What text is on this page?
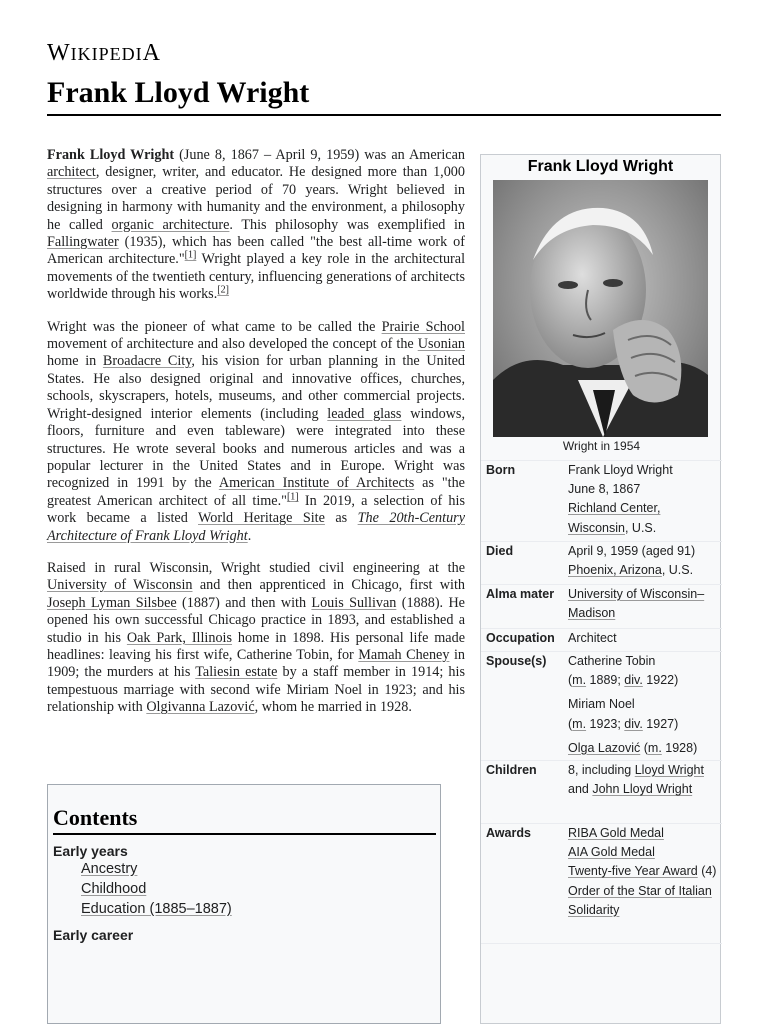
WIKIPEDIA
Frank Lloyd Wright

Frank Lloyd Wright (June 8, 1867 – April 9, 1959) was an American architect, designer, writer, and educator. He designed more than 1,000 structures over a creative period of 70 years. Wright believed in designing in harmony with humanity and the environment, a philosophy he called organic architecture. This philosophy was exemplified in Fallingwater (1935), which has been called "the best all-time work of American architecture."[1] Wright played a key role in the architectural movements of the twentieth century, influencing generations of architects worldwide through his works.[2]

Wright was the pioneer of what came to be called the Prairie School movement of architecture and also developed the concept of the Usonian home in Broadacre City, his vision for urban planning in the United States. He also designed original and innovative offices, churches, schools, skyscrapers, hotels, museums, and other commercial projects. Wright-designed interior elements (including leaded glass windows, floors, furniture and even tableware) were integrated into these structures. He wrote several books and numerous articles and was a popular lecturer in the United States and in Europe. Wright was recognized in 1991 by the American Institute of Architects as "the greatest American architect of all time."[1] In 2019, a selection of his work became a listed World Heritage Site as The 20th-Century Architecture of Frank Lloyd Wright.

Raised in rural Wisconsin, Wright studied civil engineering at the University of Wisconsin and then apprenticed in Chicago, first with Joseph Lyman Silsbee (1887) and then with Louis Sullivan (1888). He opened his own successful Chicago practice in 1893, and established a studio in his Oak Park, Illinois home in 1898. His personal life made headlines: leaving his first wife, Catherine Tobin, for Mamah Cheney in 1909; the murders at his Taliesin estate by a staff member in 1914; his tempestuous marriage with second wife Miriam Noel in 1923; and his relationship with Olgivanna Lazović, whom he married in 1928.

Contents
Early years
Ancestry
Childhood
Education (1885–1887)
Early career
Frank Lloyd Wright
Wright in 1954
Born	Frank Lloyd Wright
June 8, 1867
Richland Center, Wisconsin, U.S.
Died	April 9, 1959 (aged 91)
Phoenix, Arizona, U.S.
Alma mater	University of Wisconsin–Madison
Occupation	Architect
Spouse(s)	Catherine Tobin
(m. 1889; div. 1922)
Miriam Noel
(m. 1923; div. 1927)
Olga Lazović (m. 1928)
Children	8, including Lloyd Wright and John Lloyd Wright
Awards	RIBA Gold Medal
AIA Gold Medal
Twenty-five Year Award (4)
Order of the Star of Italian Solidarity
